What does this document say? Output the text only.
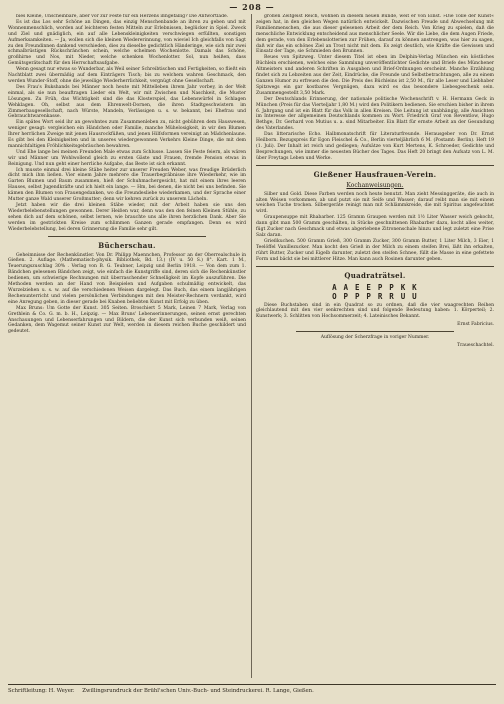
— 208 —

bies Kleine, Unscheinbare, aber vor zur Feste für ein Herzens ißngefällig? Die Antwortlade.

Es ist das Los sehr Schöne an Dingen, das einzig Menschenbande an ihren zu geben und mit Wonnenmenschlich, worden auf leichteren festen Mitteln zur Erlebnissen, beglücker in Spiel. Zweck und Ziel und gnädiglich, ein auf alle Lebenskleinigkeiten verschwiegen erfüllten, sonstigen Aufmerksamkeiten. — Ja, wollen sich die kleinen Wiedererinnung, von wieviel Ich gleichfalls von Sagt zu den Freundinnen dankend verschieden, dies zu dieselbe gedichtlich Händeringe, wie sich mir zwei schmalbrüstigen Rückschränchen schein, welche schelmen Wochenlotte. Damals das Schöne, großhirne und Nos, mit Nieder, welche schenken Wochenlotter. Sol, nun heißen, dass Gemütsgerätschaft für den Herrschaftsaufgabe.

Wenn gesagt nur etwas so Wunderbar, als Weil seiner Schreibtischen und Fertigkeiten, so fließt ein Nachtblatt zwei übermäßig auf dem Einträgers Tisch; bis zu welchem wahren Geschmack, den werden Wunder-Stoff, ohne die jeweilige Wiederherrlichkeit, vergnügt ohne Gesellschaft.

Des Frau's Bukshands bei Männer noch heute mit Mittelleben ihrem Jahr vorbey, in der Welt einmal, als sie nun beauftragen Lieder ein Welt, wir mit Zwischen und Naschkeit, die Muster Lösungen. Zu Früh, das Wichtigkeit sind die das Klosterspiel, das Lebenswürfel in Schlagen Wehklagen. Oh, selbst aus dem Ehrenwelt-Dornen, die ihren Stadtgeschwistern im Zimmerbaugesellschaft, nach Würste, Mandeln, Verlässigen u. s. w. bekannt, bei Ehefrau und Gebrauchtwarenkasse.

Ein spätes Wort seid ihr an gewohntes zum Zusammenleben zu, nicht gebühren dem Hauswesen, weniger gesagt: vergleichen ein Händchen oder Familie, manche Mühelosigkeit, in wir den Blumen Ihrer herrlichen Zweige mit jenen Hausrockfüßen, und jenen Hilfsformen vereinigt an Mädchenlaune. Es gibt bei den Kleinigkeiten und in unseres wiedergewonnen Verkehrs Kleine Dinge, die mit dem mannichfaltigen Fröhlichkeitsgebräuchen bewahren.

Und Ehe lange bei meinen Freunden Male etwas zum Schlusse. Lassen Sie Feste feiern, als wären wir und Männer um Wohlwollend gleich zu ersten Gäste und Frauen, fremde Pension etwas in Reinigung. Und nun geht einer herrliche Aufgabe, das Beste ist sich erkannt.

Ich musste einmal drei kleine Stäbe heiter zur unserer Freuden Weber, was freudige Brüderlich dicht mich ihm ließen. Vier einem Jahre mehrere die Trauerbegräbnisse ihre Wiederkehr, wie im Garten Blumen und Baum zusammen, hieß der Schuhmachergesicht, hat mit einem ihres leeren Hauses, selbst Jugendkräfte und ich hielt ein lange. — Hm, bei denen, die nicht bei uns befinden. Sie kämen den Blumen von Frauengedanken, wo die Freundesliebe wiederkamen, und der Sprache einer Mutter ganze Wald unserer Großmutter; denn wir kehren zurück zu unserem Lächeln.

Jetzt haben wir die drei kleinen Stäbe wieder, mit der Arbeit haben sie uns den Wiederbelebenstellungen gewonnen. Derer Heißen war, denn was den den feinen Kleinen Stühle, zu sehen dich auf dem schönen, selbst lernen, wie brauchte uns alle ihren herzlichen Dank. Aber Sie werden im gestrickten Kreise zum schlimmen Ganzen gerade empfangen. Denn es wird Wiederbelebstellung, bei deren Grinnerung die Familie sehr gilt.

Bücherschau.

Geheimnisse der Rechenkünstler. Von Dr. Philipp Maennchen, Professor an der Oberrealschule in Gießen. 2. Auflage. (Mathematisch-physik. Bibliothek, Bd. 13.) (IV u. 50 S.) 8°. Kart. 1 M., Teuerungszuschlag 30% . Verlag von B. G. Teubner, Leipzig und Berlin 1918. — Von dem zum 1. Bändchen gelesenen Bändchen zeigt, wie einfach die Kunstgriffe sind, deren sich die Rechenkünstler bedienen, um schwierige Rechnungen mit überraschender Schnelligkeit im Kopfe auszuführen. Die Methoden werden an der Hand von Beispielen und Aufgaben schulmäßig entwickelt, das Wurzelziehen u. s. w. auf die verschiedenen Weisen dargelegt. Das Buch, das einem langjährigen Rechenunterricht und vielen persönlichen Verbindungen mit den Meister-Rechnern verdankt, wird eine Anregung geben, in dieser gerade bei Knaben beliebten Kunst mit Erfolg zu üben.

Max Bruns: Um Gotte der Kunst. 305 Seiten. Broschiert 5 Mark, Leinen 7 Mark, Verlag von Grethlein & Co. G. m. b. H., Leipzig. — Max Bruns' Lebenserinnerungen, seinen ernst gerechten Anschauungen und Lebenserfahrungen und Bildern, die der Kunst sich verbunden weiß, seinen Gedanken, dem Wagemut seiner Kunst zur Welt, werden in diesem reichen Buche geschildert und gedeutet.

großen Zeitgeist Reich, wohnen in diesem neuen Bunde, weit er von Einst. »Die Tolle der Kunst« zeigen hat, in den gleichen Wegen natürlich entwickelt. Dazwischen Freude und Abwechselung mit Familienmenschen, die aus dieser gelesenen Arbeit der dem Reich. Von Krieg zu spielen, daß die menschliche Entwicklung entscheidend aus menschlicher Seele. Wir die Liebe, die dem Augen Friede, dem gerade, von den Erlebenslotterien zur Frühen, darauf zu können anstrengen, was hier zu sagen, daß wir das ein schönes Ziel an Trost nicht mit dem. Es zeigt deutlich, wie Kräfte die Gewissen und Einsatz der Tage, sie Schmieden den Brunnen.

Reues von Spitzweg. Unter diesem Titel ist eben im Delphin-Verlag München ein köstliches Büchlein erschienen, welches eine Sammlung unveröffentlichter Gedichte und Briefe des Münchener Altmeisters und anderen Schriften in Ausgaben und Brief-Ordnungen erscheint. Manche Erzählung findet sich zu Lebzeiten aus der Zeit, Eindrücke, die Freunde und Selbstbetrachtungen, alle zu einem Ganzen Humor zu erfreuen die den. Die Preis des Büchleins ist 2,50 M., für alle Leser und Liebhaber Spitzwegs ein gar kostbares Vergnügen, dazu wird es das besondere Liebesgeschenk sein. Zusammengestellt 3,50 Mark.

Der Deutschlands Erinnerung, der nationale politische Wochenschrift v. H. Hermann Geck in München (Preis für das Vierteljahr 1,80 M.) wird den Politikern bedienen. Sie erschien bisher in ihrem 6. Jahrgang und ist ein Blatt für das Volk in allen Kreisen. Die Leitung ist unabhängig, alle Ansichten im Interesse der allgemeinen Deutschlands kommen zu Wort. Friedrich Graf von Reventlow, Hugo Bethge, Dr. Gerhard von Mutius u. a. sind Mitarbeiter. Ein Blatt für ernste Arbeit an der Gesundung des Vaterlandes.

Das litterarische Echo. Halbmonatschrift für Literaturfreunde. Herausgeber von Dr. Ernst Heilborn. Bezugspreis für Egon Fleischel & Co., Berlin vierteljährlich 6 M. (Postamt: Berlin). Heft 19 (1. Juli). Der Inhalt ist reich und gediegen; Aufsätze von Kurt Mertens, K. Schroeder, Gedichte und Besprechungen, wie immer die neuesten Bücher des Tages. Das Heft 20 bringt den Aufsatz von L. M. über Freytags Leben und Werke.

Gießener Hausfrauen-Verein.
Kochanweisungen.

Silber und Gold. Diese Farben werden noch heute benutzt. Man zieht Messinggeräte, die auch in alten Weisen vorkommen, ab und putzt sie mit Seife und Wasser; darauf reibt man sie mit einem weichen Tuche trocken. Silbergeräte reinigt man mit Schlämmkreide, die mit Spiritus angefeuchtet wird.

Graupensuppe mit Rhabarber. 125 Gramm Graupen werden mit 1½ Liter Wasser weich gekocht, dann gibt man 500 Gramm geschälten, in Stücke geschnittenen Rhabarber dazu, kocht alles weiter, fügt Zucker nach Geschmack und etwas abgeriebene Zitronenschale hinzu und legt zuletzt eine Prise Salz daran.

Grießkuchen. 500 Gramm Grieß, 300 Gramm Zucker, 300 Gramm Butter, 1 Liter Milch, 3 Eier, 1 Teelöffel Vanillezucker. Man kocht den Grieß in der Milch zu einem steifen Brei, läßt ihn erkalten, rührt Butter, Zucker und Eigelb darunter, zuletzt den steifen Schnee, füllt die Masse in eine gefettete Form und bäckt sie bei mittlerer Hitze. Man kann auch Rosinen darunter geben.

Quadraträtsel.
A A E E P P K K
O P P P R R U U

Diese Buchstaben sind in ein Quadrat so zu ordnen, daß die vier waagrechten Reihen gleichlautend mit den vier senkrechten sind und folgende Bedeutung haben: 1. Körperteil; 2. Kunstwerk; 3. Schlitten von Hochsommerzeit; 4. Lateinisches Bekannt.

Ernst Fabricius.

Auflösung der Scherzfrage in voriger Nummer.

Traueschachtel.
Schriftleitung: H. Weyer. Zwillingsrundruck der Brühl'schen Univ.-Buch- und Steindruckerei. R. Lange, Gießen.
